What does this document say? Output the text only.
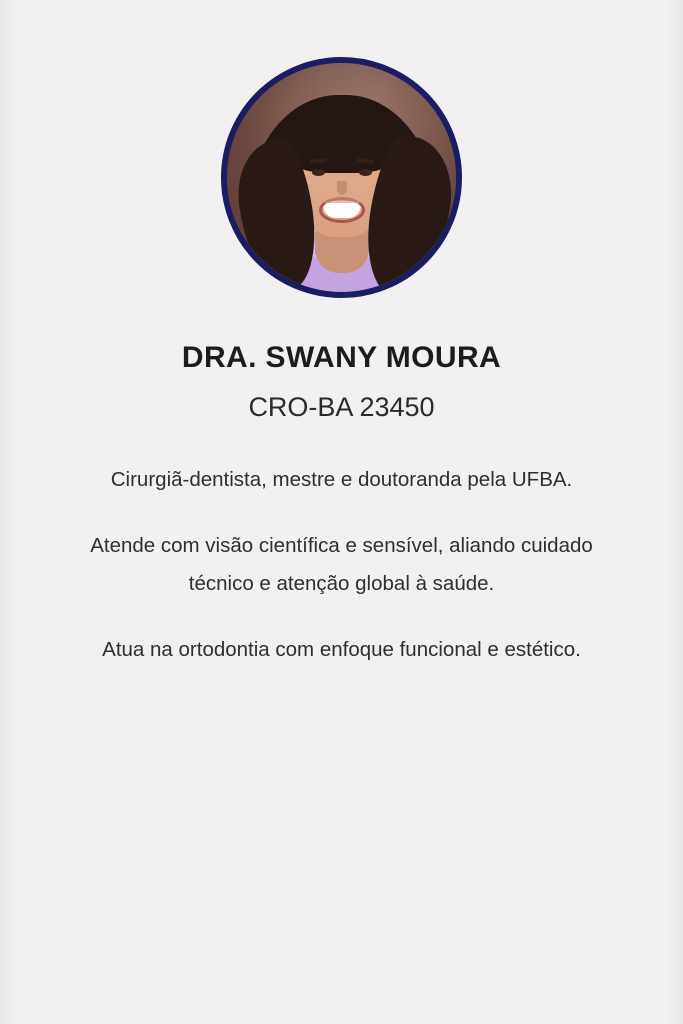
DRA. SWANY MOURA
CRO-BA 23450

Cirurgiã-dentista, mestre e doutoranda pela UFBA.

Atende com visão científica e sensível, aliando cuidado técnico e atenção global à saúde.

Atua na ortodontia com enfoque funcional e estético.
